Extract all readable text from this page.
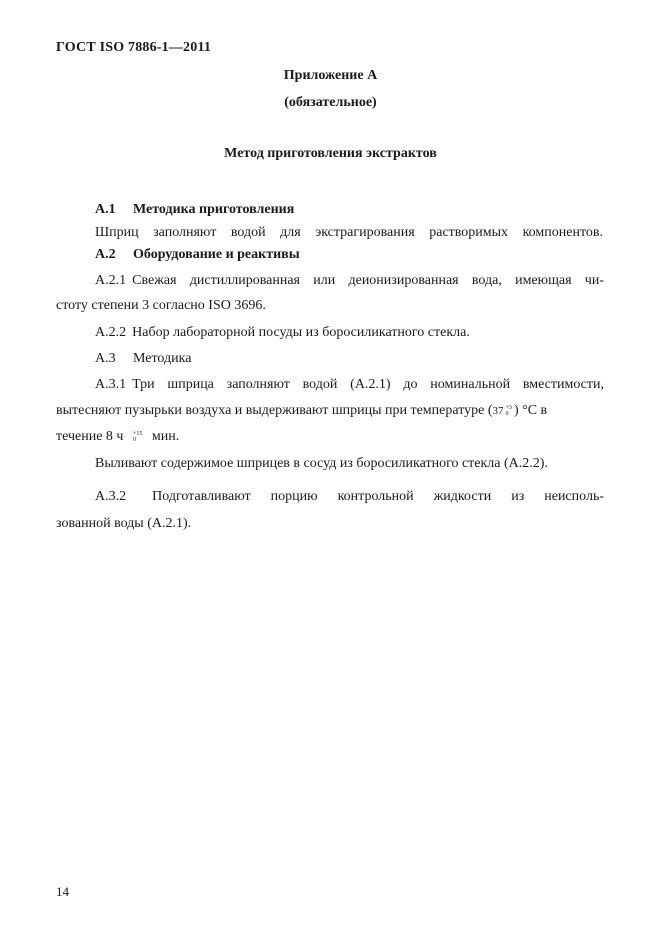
ГОСТ ISO 7886-1—2011
Приложение А
(обязательное)
Метод приготовления экстрактов
А.1 Методика приготовления
Шприц заполняют водой для экстрагирования растворимых компонентов.
А.2 Оборудование и реактивы
А.2.1 Свежая дистиллированная или деионизированная вода, имеющая чи-
стоту степени 3 согласно ISO 3696.
А.2.2 Набор лабораторной посуды из боросиликатного стекла.
А.3 Методика
А.3.1 Три шприца заполняют водой (А.2.1) до номинальной вместимости,
вытесняют пузырьки воздуха и выдерживают шприцы при температуре (37 +3
0 ) °С в
течение 8 ч +15
0	мин.
Выливают содержимое шприцев в сосуд из боросиликатного стекла (А.2.2).
А.3.2 Подготавливают порцию контрольной жидкости из неисполь-
зованной воды (А.2.1).
14
